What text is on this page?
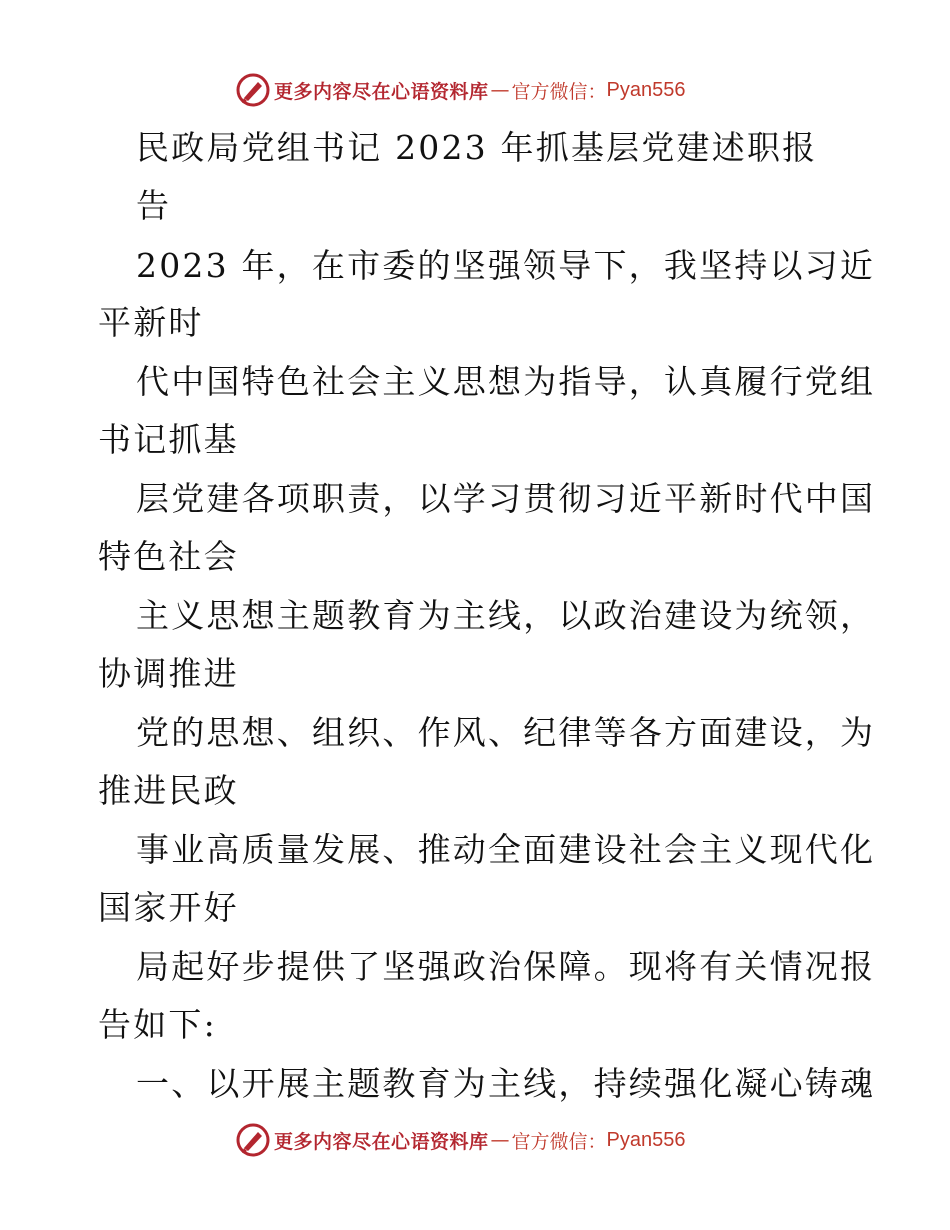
更多内容尽在心语资料库 — 官方微信： Pyan556
民政局党组书记 2023 年抓基层党建述职报
告
2023 年，在市委的坚强领导下，我坚持以习近
平新时
代中国特色社会主义思想为指导，认真履行党组
书记抓基
层党建各项职责，以学习贯彻习近平新时代中国
特色社会
主义思想主题教育为主线，以政治建设为统领，
协调推进
党的思想、组织、作风、纪律等各方面建设，为
推进民政
事业高质量发展、推动全面建设社会主义现代化
国家开好
局起好步提供了坚强政治保障。现将有关情况报
告如下:
一、以开展主题教育为主线，持续强化凝心铸魂
更多内容尽在心语资料库 — 官方微信： Pyan556
